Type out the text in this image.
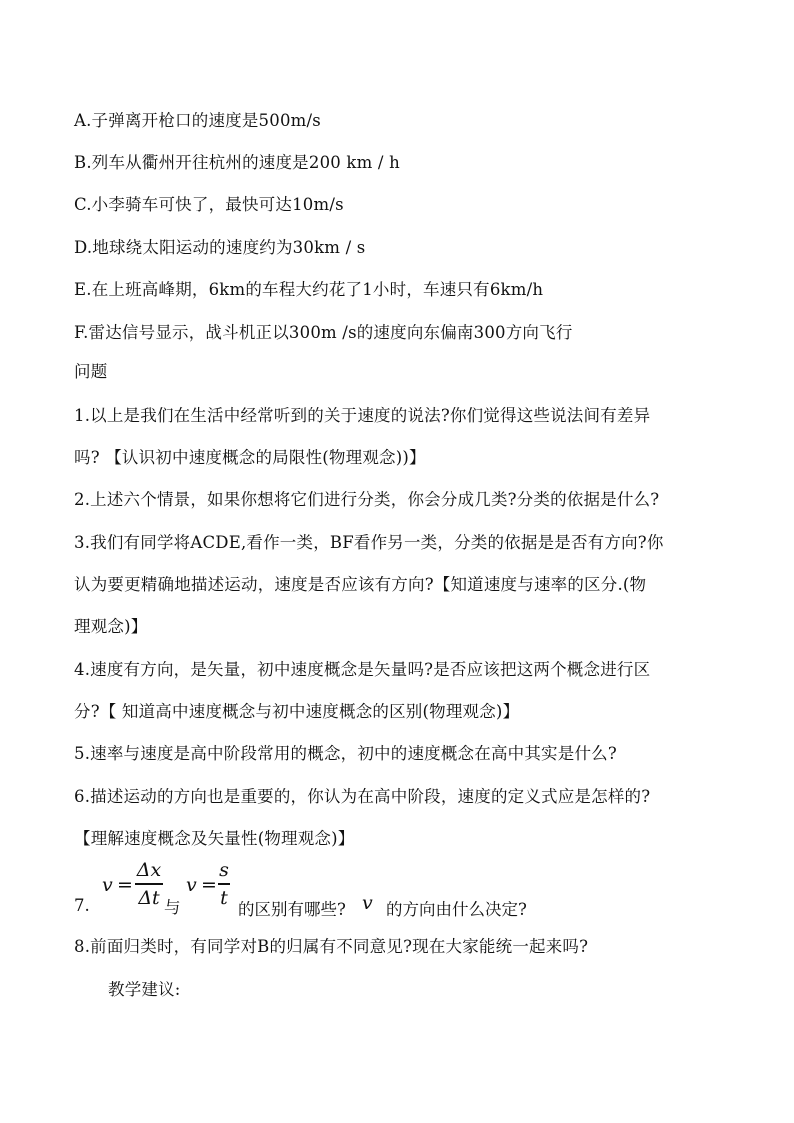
A.子弹离开枪口的速度是500m/s
B.列车从衢州开往杭州的速度是200 km / h
C.小李骑车可快了，最快可达10m/s
D.地球绕太阳运动的速度约为30km / s
E.在上班高峰期，6km的车程大约花了1小时，车速只有6km/h
F.雷达信号显示，战斗机正以300m /s的速度向东偏南300方向飞行
问题
1.以上是我们在生活中经常听到的关于速度的说法?你们觉得这些说法间有差异
吗? 【认识初中速度概念的局限性(物理观念))】
2.上述六个情景，如果你想将它们进行分类，你会分成几类?分类的依据是什么?
3.我们有同学将ACDE,看作一类，BF看作另一类，分类的依据是是否有方向?你
认为要更精确地描述运动，速度是否应该有方向?【知道速度与速率的区分.(物
理观念)】
4.速度有方向，是矢量，初中速度概念是矢量吗?是否应该把这两个概念进行区
分?【 知道高中速度概念与初中速度概念的区别(物理观念)】
5.速率与速度是高中阶段常用的概念，初中的速度概念在高中其实是什么?
6.描述运动的方向也是重要的，你认为在高中阶段，速度的定义式应是怎样的?
【理解速度概念及矢量性(物理观念)】
7.
v =
Δx
Δt 与
v =
s
t
的区别有哪些? v 的方向由什么决定?
8.前面归类时，有同学对B的归属有不同意见?现在大家能统一起来吗?
教学建议:
